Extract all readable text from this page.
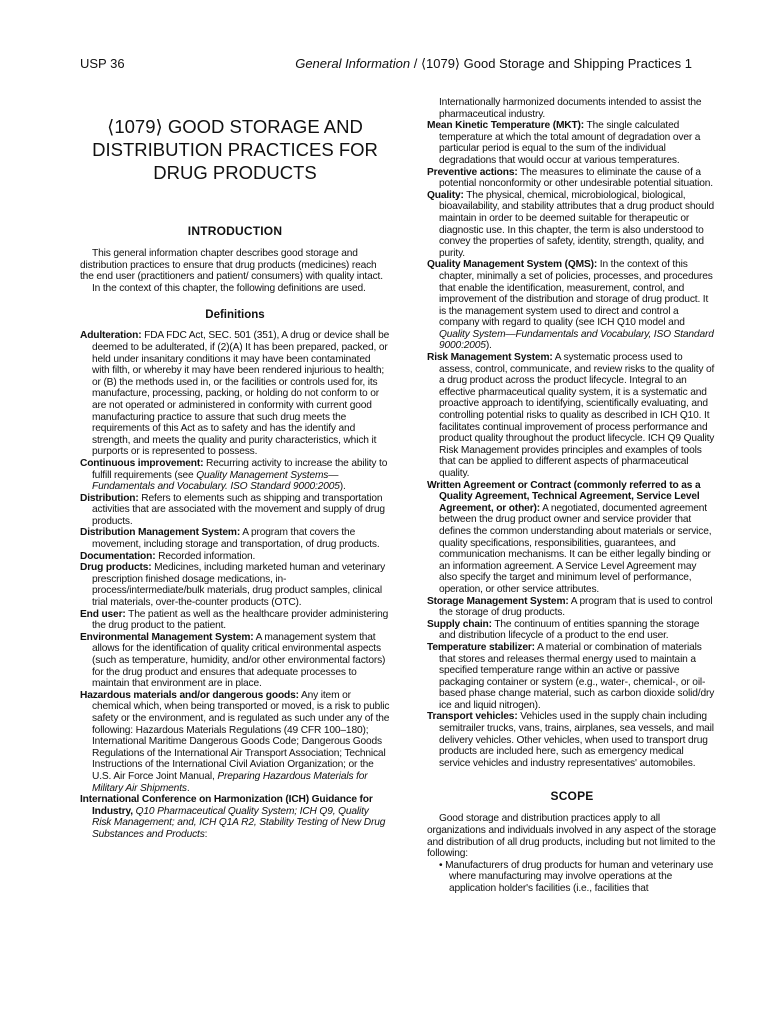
USP 36	General Information / ⟨1079⟩ Good Storage and Shipping Practices 1
⟨1079⟩ GOOD STORAGE AND
DISTRIBUTION PRACTICES FOR
DRUG PRODUCTS
INTRODUCTION

This general information chapter describes good storage and distribution practices to ensure that drug products (medicines) reach the end user (practitioners and patient/ consumers) with quality intact.

In the context of this chapter, the following definitions are used.

Definitions

Adulteration: FDA FDC Act, SEC. 501 (351), A drug or device shall be deemed to be adulterated, if (2)(A) It has been prepared, packed, or held under insanitary conditions it may have been contaminated with filth, or whereby it may have been rendered injurious to health; or (B) the methods used in, or the facilities or controls used for, its manufacture, processing, packing, or holding do not conform to or are not operated or administered in conformity with current good manufacturing practice to assure that such drug meets the requirements of this Act as to safety and has the identify and strength, and meets the quality and purity characteristics, which it purports or is represented to possess.

Continuous improvement: Recurring activity to increase the ability to fulfill requirements (see Quality Management Systems—Fundamentals and Vocabulary. ISO Standard 9000:2005).

Distribution: Refers to elements such as shipping and transportation activities that are associated with the movement and supply of drug products.

Distribution Management System: A program that covers the movement, including storage and transportation, of drug products.

Documentation: Recorded information.

Drug products: Medicines, including marketed human and veterinary prescription finished dosage medications, in-process/intermediate/bulk materials, drug product samples, clinical trial materials, over-the-counter products (OTC).

End user: The patient as well as the healthcare provider administering the drug product to the patient.

Environmental Management System: A management system that allows for the identification of quality critical environmental aspects (such as temperature, humidity, and/or other environmental factors) for the drug product and ensures that adequate processes to maintain that environment are in place.

Hazardous materials and/or dangerous goods: Any item or chemical which, when being transported or moved, is a risk to public safety or the environment, and is regulated as such under any of the following: Hazardous Materials Regulations (49 CFR 100–180); International Maritime Dangerous Goods Code; Dangerous Goods Regulations of the International Air Transport Association; Technical Instructions of the International Civil Aviation Organization; or the U.S. Air Force Joint Manual, Preparing Hazardous Materials for Military Air Shipments.

International Conference on Harmonization (ICH) Guidance for Industry, Q10 Pharmaceutical Quality System; ICH Q9, Quality Risk Management; and, ICH Q1A R2, Stability Testing of New Drug Substances and Products:

Internationally harmonized documents intended to assist the pharmaceutical industry.

Mean Kinetic Temperature (MKT): The single calculated temperature at which the total amount of degradation over a particular period is equal to the sum of the individual degradations that would occur at various temperatures.

Preventive actions: The measures to eliminate the cause of a potential nonconformity or other undesirable potential situation.

Quality: The physical, chemical, microbiological, biological, bioavailability, and stability attributes that a drug product should maintain in order to be deemed suitable for therapeutic or diagnostic use. In this chapter, the term is also understood to convey the properties of safety, identity, strength, quality, and purity.

Quality Management System (QMS): In the context of this chapter, minimally a set of policies, processes, and procedures that enable the identification, measurement, control, and improvement of the distribution and storage of drug product. It is the management system used to direct and control a company with regard to quality (see ICH Q10 model and Quality System—Fundamentals and Vocabulary, ISO Standard 9000:2005).

Risk Management System: A systematic process used to assess, control, communicate, and review risks to the quality of a drug product across the product lifecycle. Integral to an effective pharmaceutical quality system, it is a systematic and proactive approach to identifying, scientifically evaluating, and controlling potential risks to quality as described in ICH Q10. It facilitates continual improvement of process performance and product quality throughout the product lifecycle. ICH Q9 Quality Risk Management provides principles and examples of tools that can be applied to different aspects of pharmaceutical quality.

Written Agreement or Contract (commonly referred to as a Quality Agreement, Technical Agreement, Service Level Agreement, or other): A negotiated, documented agreement between the drug product owner and service provider that defines the common understanding about materials or service, quality specifications, responsibilities, guarantees, and communication mechanisms. It can be either legally binding or an information agreement. A Service Level Agreement may also specify the target and minimum level of performance, operation, or other service attributes.

Storage Management System: A program that is used to control the storage of drug products.

Supply chain: The continuum of entities spanning the storage and distribution lifecycle of a product to the end user.

Temperature stabilizer: A material or combination of materials that stores and releases thermal energy used to maintain a specified temperature range within an active or passive packaging container or system (e.g., water-, chemical-, or oil-based phase change material, such as carbon dioxide solid/dry ice and liquid nitrogen).

Transport vehicles: Vehicles used in the supply chain including semitrailer trucks, vans, trains, airplanes, sea vessels, and mail delivery vehicles. Other vehicles, when used to transport drug products are included here, such as emergency medical service vehicles and industry representatives' automobiles.

SCOPE

Good storage and distribution practices apply to all organizations and individuals involved in any aspect of the storage and distribution of all drug products, including but not limited to the following:

• Manufacturers of drug products for human and veterinary use where manufacturing may involve operations at the application holder's facilities (i.e., facilities that
